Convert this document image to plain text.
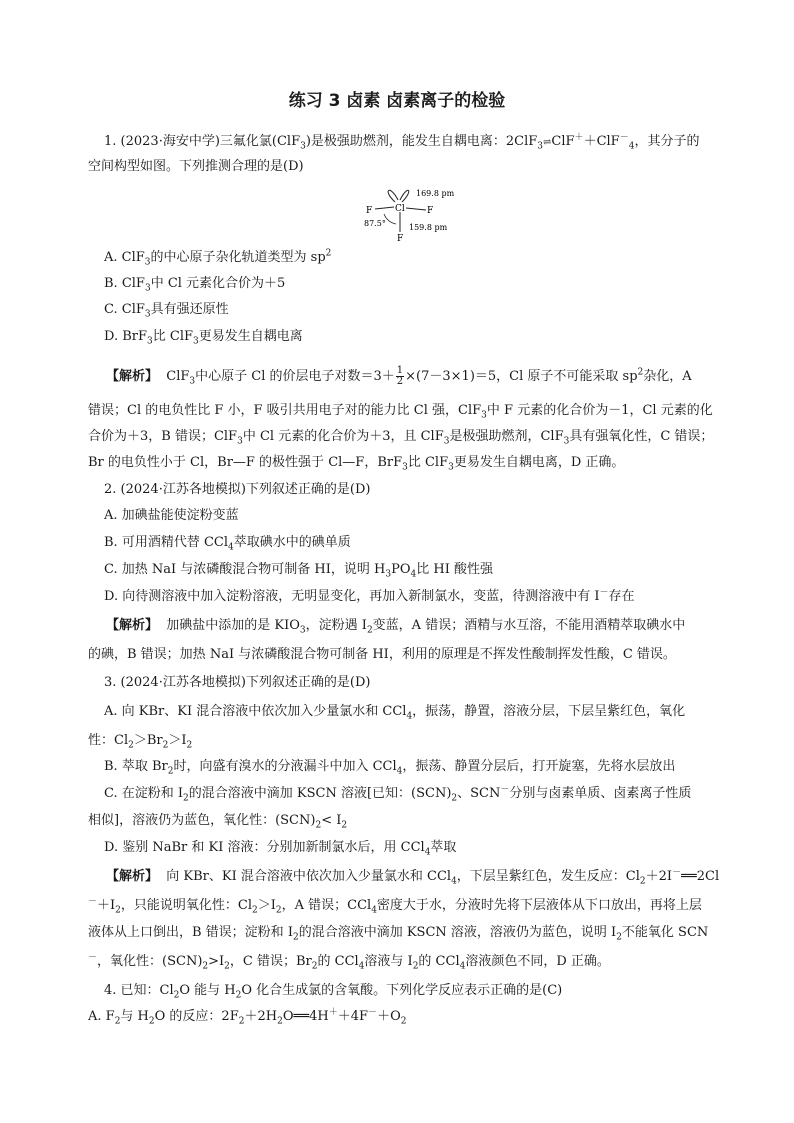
练习 3 卤素 卤素离子的检验
1. (2023·海安中学)三氟化氯(ClF$_3$)是极强助燃剂，能发生自耦电离：2ClF$_3$⇌ClF＋＋ClF－$_4$，其分子的
空间构型如图。下列推测合理的是(D)
Cl
F	F
F
169.8 pm
159.8 pm
87.5°
A. ClF$_3$的中心原子杂化轨道类型为 $sp^2$
B. ClF$_3$中 Cl 元素化合价为＋5
C. ClF$_3$具有强还原性
D. BrF$_3$比 ClF$_3$更易发生自耦电离
【解析】 ClF$_3$中心原子 Cl 的价层电子对数$=3+ \frac{1}{2} \times(7-3\times 1)=5$，Cl 原子不可能采取 $sp^2$杂化，A
错误；Cl 的电负性比 F 小，F 吸引共用电子对的能力比 Cl 强，ClF$_3$中 F 元素的化合价为－1，Cl 元素的化
合价为＋3，B 错误；ClF$_3$中 Cl 元素的化合价为＋3，且 ClF$_3$是极强助燃剂，ClF$_3$具有强氧化性，C 错误；
Br 的电负性小于 Cl，Br—F 的极性强于 Cl—F，BrF$_3$比 ClF$_3$更易发生自耦电离，D 正确。
2. (2024·江苏各地模拟)下列叙述正确的是(D)
A. 加碘盐能使淀粉变蓝
B. 可用酒精代替 CCl$_4$萃取碘水中的碘单质
C. 加热 NaI 与浓磷酸混合物可制备 HI，说明 $H_3PO_4$比 HI 酸性强
D. 向待测溶液中加入淀粉溶液，无明显变化，再加入新制氯水，变蓝，待测溶液中有 I－存在
【解析】 加碘盐中添加的是 $KIO_3$，淀粉遇 $I_2$变蓝，A 错误；酒精与水互溶，不能用酒精萃取碘水中
的碘，B 错误；加热 NaI 与浓磷酸混合物可制备 HI，利用的原理是不挥发性酸制挥发性酸，C 错误。
3. (2024·江苏各地模拟)下列叙述正确的是(D)
A. 向 KBr、KI 混合溶液中依次加入少量氯水和 CCl$_4$，振荡，静置，溶液分层，下层呈紫红色，氧化
性：$Cl_2>Br_2>I_2$
B. 萃取 $Br_2$时，向盛有溴水的分液漏斗中加入 CCl$_4$，振荡、静置分层后，打开旋塞，先将水层放出
C. 在淀粉和 $I_2$的混合溶液中滴加 KSCN 溶液[已知：$(SCN)_2$、SCN－分别与卤素单质、卤素离子性质
相似]，溶液仍为蓝色，氧化性：$(SCN)_2< I_2$
D. 鉴别 NaBr 和 KI 溶液：分别加新制氯水后，用 CCl$_4$萃取
【解析】 向 KBr、KI 混合溶液中依次加入少量氯水和 CCl$_4$，下层呈紫红色，发生反应：$Cl_2+2I^-══2Cl$
$^-+I_2$，只能说明氧化性：$Cl_2>I_2$，A 错误；CCl$_4$密度大于水，分液时先将下层液体从下口放出，再将上层
液体从上口倒出，B 错误；淀粉和 $I_2$的混合溶液中滴加 KSCN 溶液，溶液仍为蓝色，说明 $I_2$不能氧化 SCN
－，氧化性：$(SCN)_2>I_2$，C 错误；$Br_2$的 CCl$_4$溶液与 $I_2$的 CCl$_4$溶液颜色不同，D 正确。
4. 已知：$Cl_2O$ 能与 $H_2O$ 化合生成氯的含氧酸。下列化学反应表示正确的是(C)
A. $F_2$与 $H_2O$ 的反应：$2F_2+2H_2O══4H^++4F^-+O_2$
